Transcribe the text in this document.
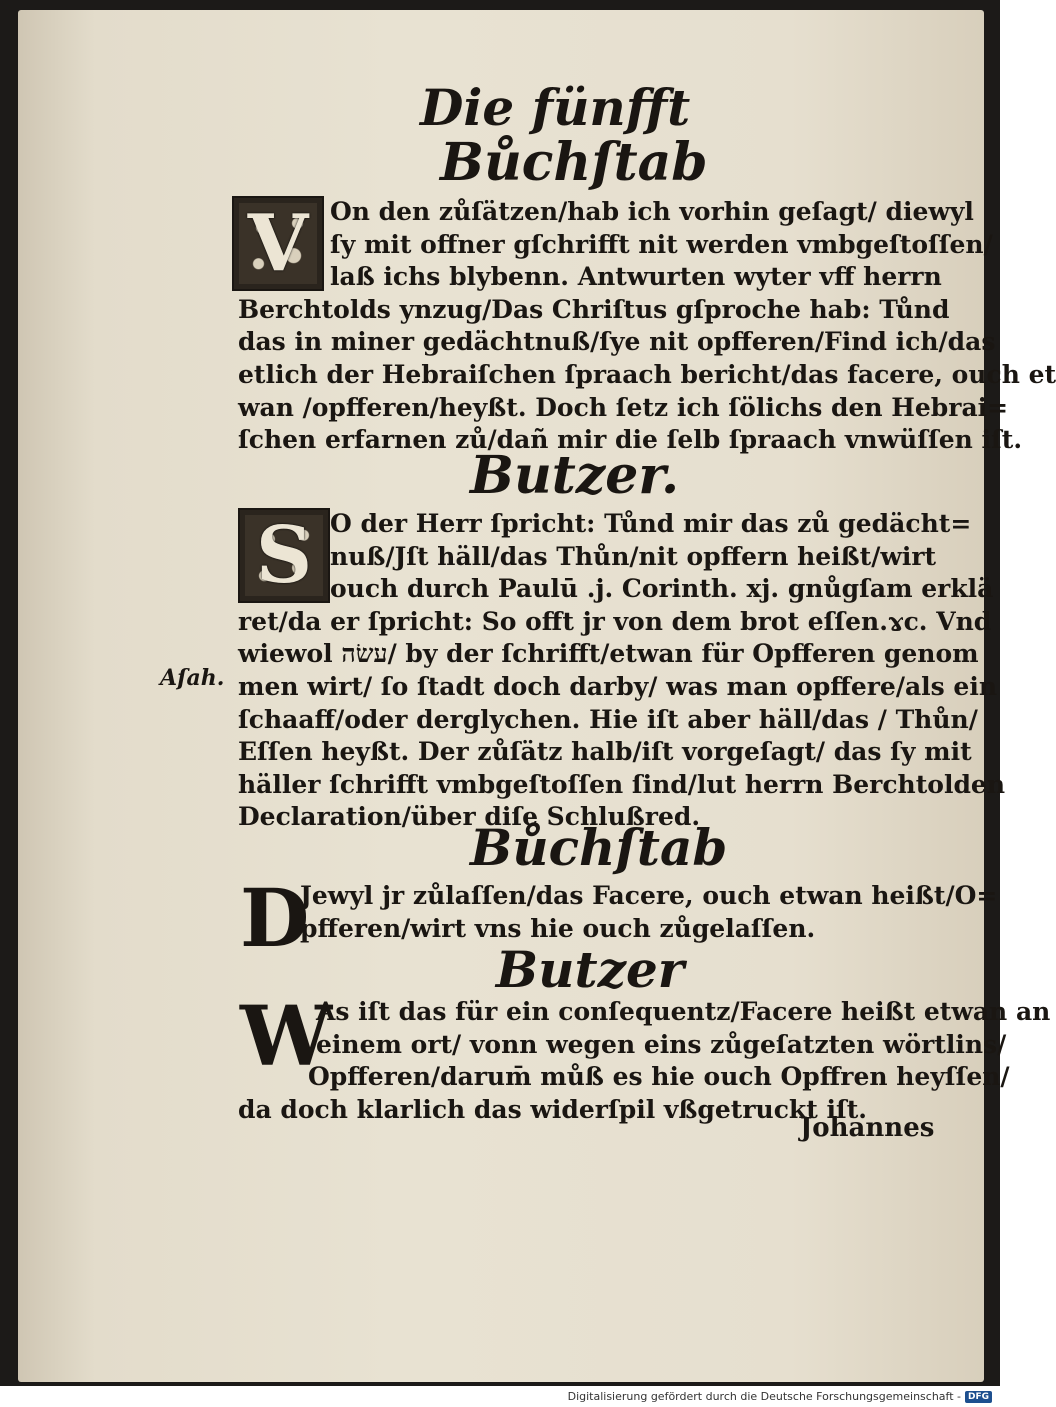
Die fünfft
Bůchſtab
V On den zůſätzen/hab ich vorhin geſagt/ diewyl
ſy mit offner gſchrifft nit werden vmbgeſtoſſen/
laß ichs blybenn. Antwurten wyter vff herrn
Berchtolds ynzug/Das Chriſtus gſproche hab: Tůnd
das in miner gedächtnuß/ſye nit opfferen/Find ich/das
etlich der Hebraiſchen ſpraach bericht/das facere, ouch et
wan /opfferen/heyßt. Doch ſetz ich ſölichs den Hebrai=
ſchen erfarnen zů/dañ mir die ſelb ſpraach vnwüſſen iſt.
Butzer.
S O der Herr ſpricht: Tůnd mir das zů gedächt=
nuß/Jſt häll/das Thůn/nit opffern heißt/wirt
ouch durch Paulū .j. Corinth. xj. gnůgſam erklä
ret/da er ſpricht: So offt jr von dem brot eſſen.ɤc. Vnd
wiewol עשׂה/ by der ſchrifft/etwan für Opfferen genom
men wirt/ ſo ſtadt doch darby/ was man opffere/als ein
ſchaaff/oder derglychen. Hie iſt aber häll/das / Thůn/
Eſſen heyßt. Der zůſätz halb/iſt vorgeſagt/ das ſy mit
häller ſchrifft vmbgeſtoſſen ſind/lut herrn Berchtolden
Declaration/über diſe Schlußred.
Aſah.
Bůchſtab
D
Jewyl jr zůlaſſen/das Facere, ouch etwan heißt/O=
pfferen/wirt vns hie ouch zůgelaſſen.
Butzer
W
As iſt das für ein conſequentz/Facere heißt etwan an
einem ort/ vonn wegen eins zůgeſatzten wörtlins/
Opfferen/darum̄ můß es hie ouch Opffren heyſſen/
da doch klarlich das widerſpil vßgetruckt iſt.
Johannes
Digitalisierung gefördert durch die Deutsche Forschungsgemeinschaft - DFG
